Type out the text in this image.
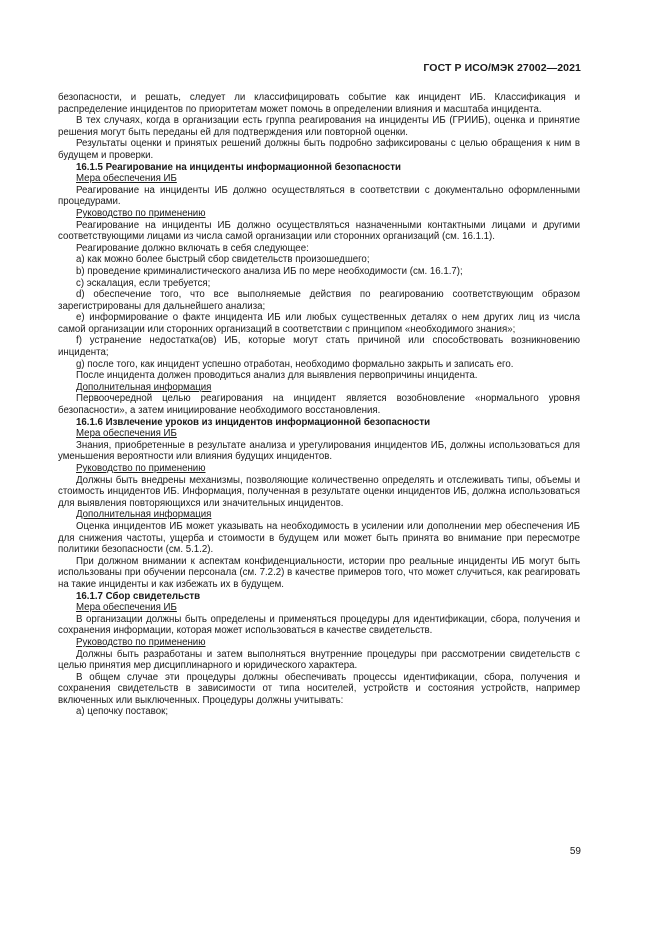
ГОСТ Р ИСО/МЭК 27002—2021

безопасности, и решать, следует ли классифицировать событие как инцидент ИБ. Классификация и распределение инцидентов по приоритетам может помочь в определении влияния и масштаба инцидента.

В тех случаях, когда в организации есть группа реагирования на инциденты ИБ (ГРИИБ), оценка и принятие решения могут быть переданы ей для подтверждения или повторной оценки.

Результаты оценки и принятых решений должны быть подробно зафиксированы с целью обращения к ним в будущем и проверки.

16.1.5 Реагирование на инциденты информационной безопасности

Мера обеспечения ИБ

Реагирование на инциденты ИБ должно осуществляться в соответствии с документально оформленными процедурами.

Руководство по применению

Реагирование на инциденты ИБ должно осуществляться назначенными контактными лицами и другими соответствующими лицами из числа самой организации или сторонних организаций (см. 16.1.1).

Реагирование должно включать в себя следующее:

a) как можно более быстрый сбор свидетельств произошедшего;

b) проведение криминалистического анализа ИБ по мере необходимости (см. 16.1.7);

c) эскалация, если требуется;

d) обеспечение того, что все выполняемые действия по реагированию соответствующим образом зарегистрированы для дальнейшего анализа;

e) информирование о факте инцидента ИБ или любых существенных деталях о нем других лиц из числа самой организации или сторонних организаций в соответствии с принципом «необходимого знания»;

f) устранение недостатка(ов) ИБ, которые могут стать причиной или способствовать возникновению инцидента;

g) после того, как инцидент успешно отработан, необходимо формально закрыть и записать его.

После инцидента должен проводиться анализ для выявления первопричины инцидента.

Дополнительная информация

Первоочередной целью реагирования на инцидент является возобновление «нормального уровня безопасности», а затем инициирование необходимого восстановления.

16.1.6 Извлечение уроков из инцидентов информационной безопасности

Мера обеспечения ИБ

Знания, приобретенные в результате анализа и урегулирования инцидентов ИБ, должны использоваться для уменьшения вероятности или влияния будущих инцидентов.

Руководство по применению

Должны быть внедрены механизмы, позволяющие количественно определять и отслеживать типы, объемы и стоимость инцидентов ИБ. Информация, полученная в результате оценки инцидентов ИБ, должна использоваться для выявления повторяющихся или значительных инцидентов.

Дополнительная информация

Оценка инцидентов ИБ может указывать на необходимость в усилении или дополнении мер обеспечения ИБ для снижения частоты, ущерба и стоимости в будущем или может быть принята во внимание при пересмотре политики безопасности (см. 5.1.2).

При должном внимании к аспектам конфиденциальности, истории про реальные инциденты ИБ могут быть использованы при обучении персонала (см. 7.2.2) в качестве примеров того, что может случиться, как реагировать на такие инциденты и как избежать их в будущем.

16.1.7 Сбор свидетельств

Мера обеспечения ИБ

В организации должны быть определены и применяться процедуры для идентификации, сбора, получения и сохранения информации, которая может использоваться в качестве свидетельств.

Руководство по применению

Должны быть разработаны и затем выполняться внутренние процедуры при рассмотрении свидетельств с целью принятия мер дисциплинарного и юридического характера.

В общем случае эти процедуры должны обеспечивать процессы идентификации, сбора, получения и сохранения свидетельств в зависимости от типа носителей, устройств и состояния устройств, например включенных или выключенных. Процедуры должны учитывать:

a) цепочку поставок;

59
